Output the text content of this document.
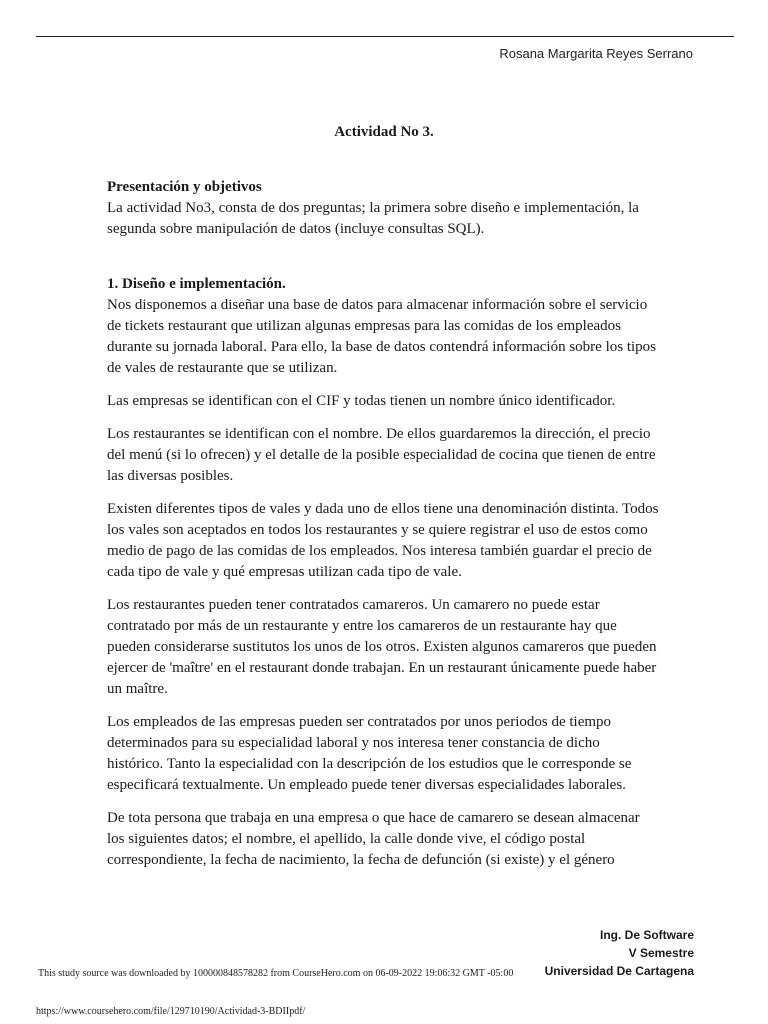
Rosana Margarita Reyes Serrano
Actividad No 3.
Presentación y objetivos
La actividad No3, consta de dos preguntas; la primera sobre diseño e implementación, la segunda sobre manipulación de datos (incluye consultas SQL).
1. Diseño e implementación.

Nos disponemos a diseñar una base de datos para almacenar información sobre el servicio de tickets restaurant que utilizan algunas empresas para las comidas de los empleados durante su jornada laboral. Para ello, la base de datos contendrá información sobre los tipos de vales de restaurante que se utilizan.

Las empresas se identifican con el CIF y todas tienen un nombre único identificador.

Los restaurantes se identifican con el nombre. De ellos guardaremos la dirección, el precio del menú (si lo ofrecen) y el detalle de la posible especialidad de cocina que tienen de entre las diversas posibles.

Existen diferentes tipos de vales y dada uno de ellos tiene una denominación distinta. Todos los vales son aceptados en todos los restaurantes y se quiere registrar el uso de estos como medio de pago de las comidas de los empleados. Nos interesa también guardar el precio de cada tipo de vale y qué empresas utilizan cada tipo de vale.

Los restaurantes pueden tener contratados camareros. Un camarero no puede estar contratado por más de un restaurante y entre los camareros de un restaurante hay que pueden considerarse sustitutos los unos de los otros. Existen algunos camareros que pueden ejercer de 'maître' en el restaurant donde trabajan. En un restaurant únicamente puede haber un maître.

Los empleados de las empresas pueden ser contratados por unos periodos de tiempo determinados para su especialidad laboral y nos interesa tener constancia de dicho histórico. Tanto la especialidad con la descripción de los estudios que le corresponde se especificará textualmente. Un empleado puede tener diversas especialidades laborales.

De tota persona que trabaja en una empresa o que hace de camarero se desean almacenar los siguientes datos; el nombre, el apellido, la calle donde vive, el código postal correspondiente, la fecha de nacimiento, la fecha de defunción (si existe) y el género

Ing. De Software
V Semestre
Universidad De Cartagena
This study source was downloaded by 100000848578282 from CourseHero.com on 06-09-2022 19:06:32 GMT -05:00
https://www.coursehero.com/file/129710190/Actividad-3-BDIIpdf/
